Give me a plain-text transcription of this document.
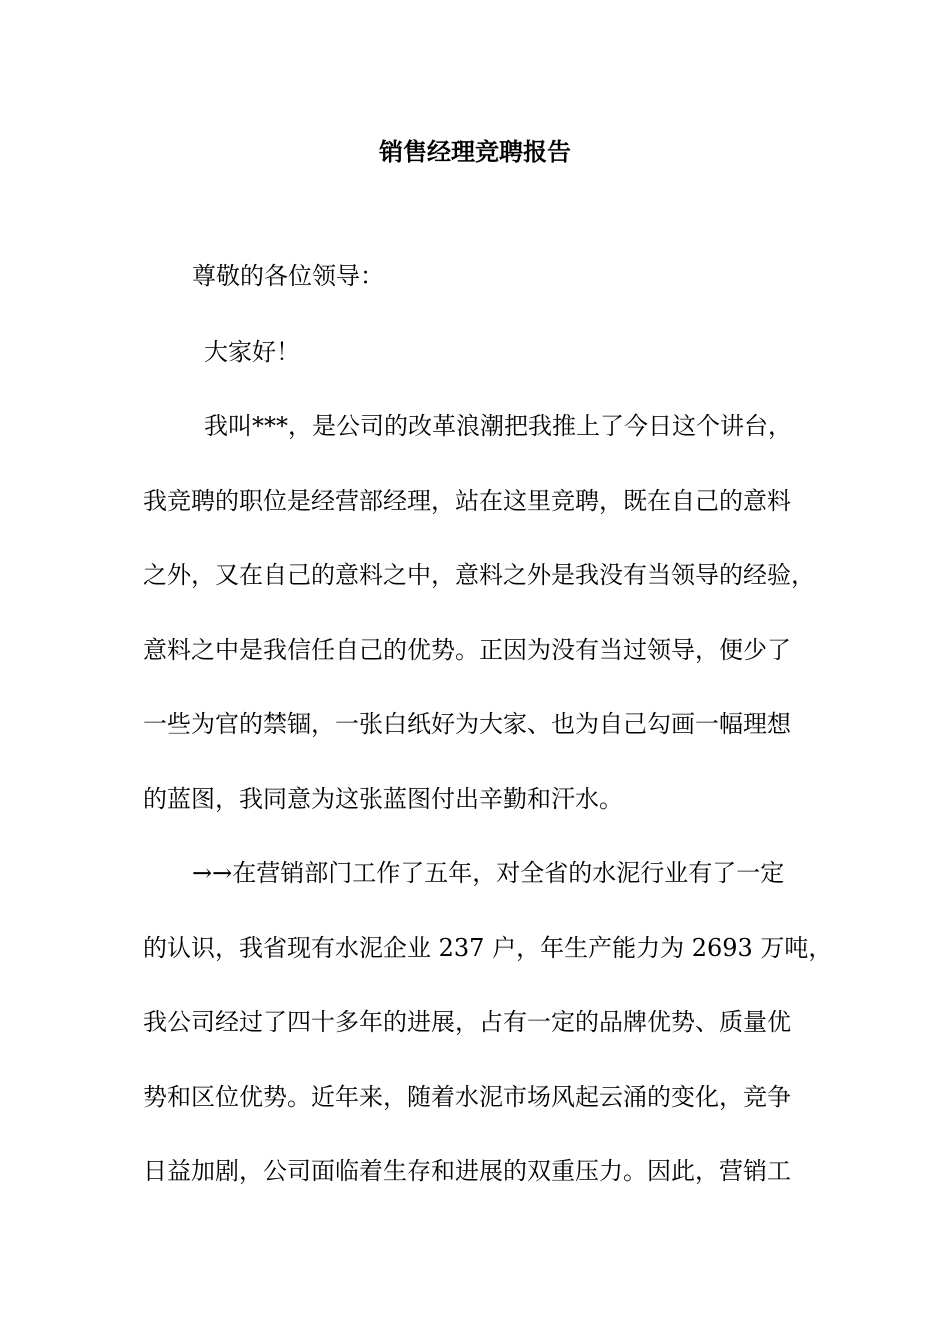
销售经理竞聘报告
尊敬的各位领导：
大家好！
我叫***，是公司的改革浪潮把我推上了今日这个讲台，
我竞聘的职位是经营部经理，站在这里竞聘，既在自己的意料
之外，又在自己的意料之中，意料之外是我没有当领导的经验，
意料之中是我信任自己的优势。正因为没有当过领导，便少了
一些为官的禁锢，一张白纸好为大家、也为自己勾画一幅理想
的蓝图，我同意为这张蓝图付出辛勤和汗水。
→→在营销部门工作了五年，对全省的水泥行业有了一定
的认识，我省现有水泥企业 237 户，年生产能力为 2693 万吨，
我公司经过了四十多年的进展，占有一定的品牌优势、质量优
势和区位优势。近年来，随着水泥市场风起云涌的变化，竞争
日益加剧，公司面临着生存和进展的双重压力。因此，营销工
